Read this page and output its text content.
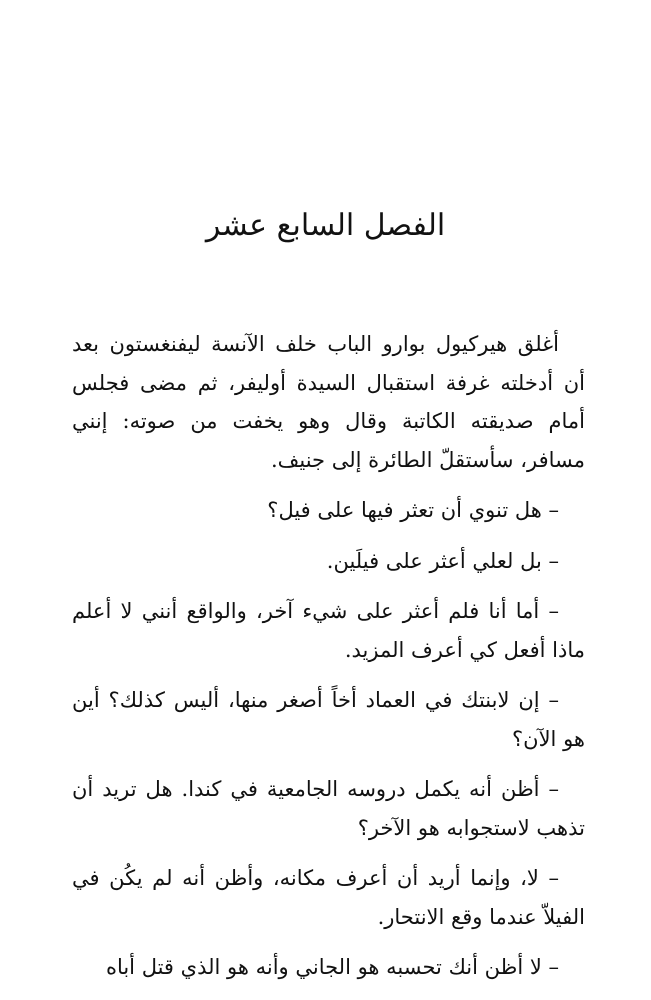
الفصل السابع عشر

أغلق هيركيول بوارو الباب خلف الآنسة ليفنغستون بعد أن أدخلته غرفة استقبال السيدة أوليفر، ثم مضى فجلس أمام صديقته الكاتبة وقال وهو يخفت من صوته: إنني مسافر، سأستقلّ الطائرة إلى جنيف.

– هل تنوي أن تعثر فيها على فيل؟

– بل لعلي أعثر على فيلَين.

– أما أنا فلم أعثر على شيء آخر، والواقع أنني لا أعلم ماذا أفعل كي أعرف المزيد.

– إن لابنتك في العماد أخاً أصغر منها، أليس كذلك؟ أين هو الآن؟

– أظن أنه يكمل دروسه الجامعية في كندا. هل تريد أن تذهب لاستجوابه هو الآخر؟

– لا، وإنما أريد أن أعرف مكانه، وأظن أنه لم يكُن في الفيلاّ عندما وقع الانتحار.

– لا أظن أنك تحسبه هو الجاني وأنه هو الذي قتل أباه
